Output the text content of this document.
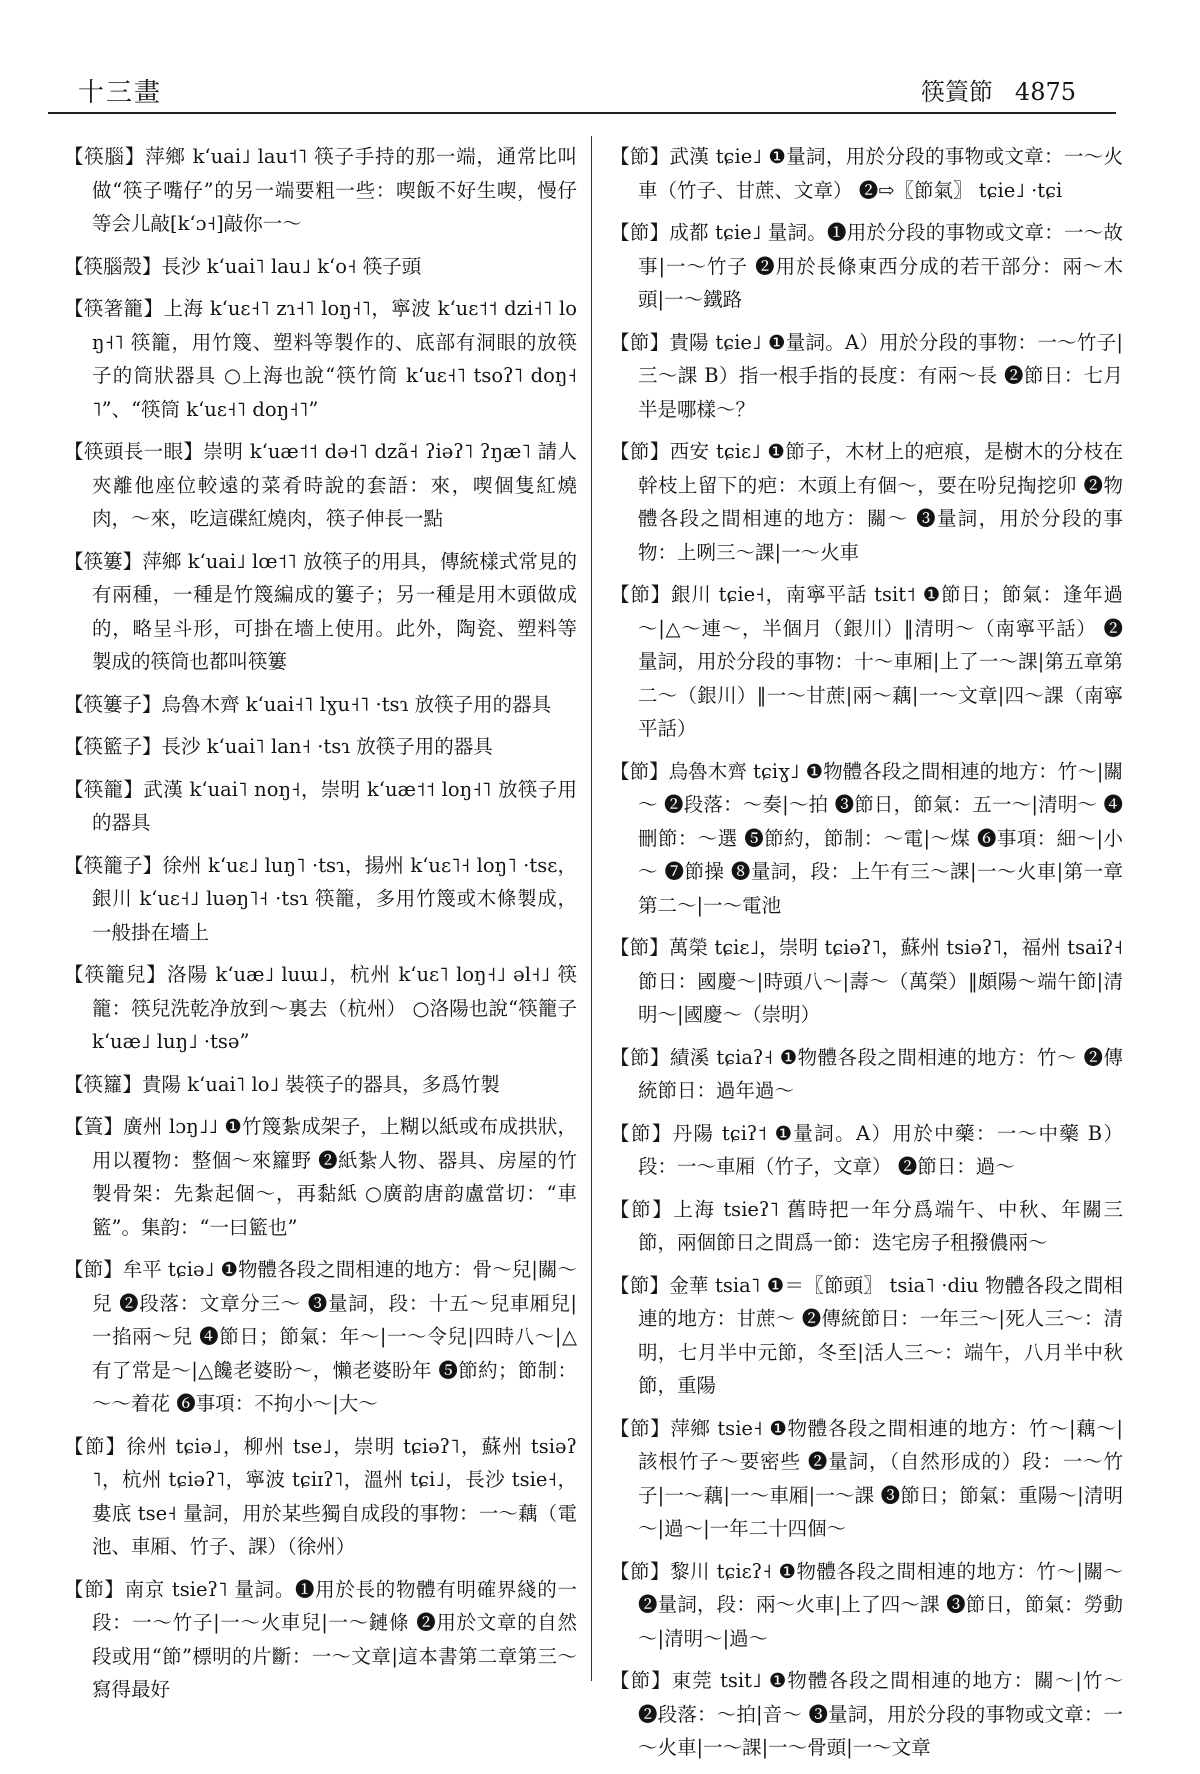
十三畫	筷篢節 4875

【 筷腦 】 萍鄉 kʻuai˩ lau˦˥ 筷子手持的那一端，通常比叫做“筷子嘴仔”的另一端要粗一些：喫飯不好生喫，慢仔等会儿敲[kʻɔ˧]敲你一～

【 筷腦殼 】 長沙 kʻuai˥ lau˩ kʻo˧ 筷子頭

【 筷箸籠 】 上海 kʻuɛ˧˥ zɿ˧˥ loŋ˧˥，寧波 kʻuɛ˦˦ dzi˧˥ loŋ˧˥ 筷籠，用竹篾、塑料等製作的、底部有洞眼的放筷子的筒狀器具 ○上海也說“筷竹筒 kʻuɛ˧˥ tsoʔ˥ doŋ˧˥”、“筷筒 kʻuɛ˧˥ doŋ˧˥”

【 筷頭長一眼 】 崇明 kʻuæ˦˦ də˧˥ dzã˧ ʔiəʔ˥ ʔŋæ˥ 請人夾離他座位較遠的菜肴時說的套語：來，喫個隻紅燒肉，～來，吃這碟紅燒肉，筷子伸長一點

【 筷簍 】 萍鄉 kʻuai˩ lœ˦˥ 放筷子的用具，傳統樣式常見的有兩種，一種是竹篾編成的簍子；另一種是用木頭做成的，略呈斗形，可掛在墻上使用。此外，陶瓷、塑料等製成的筷筒也都叫筷簍

【 筷簍子 】 烏魯木齊 kʻuai˧˥ lɣu˧˥ ·tsɿ 放筷子用的器具

【 筷籃子 】 長沙 kʻuai˥ lan˧ ·tsɿ 放筷子用的器具

【 筷籠 】 武漢 kʻuai˥ noŋ˧，崇明 kʻuæ˦˦ loŋ˧˥ 放筷子用的器具

【 筷籠子 】 徐州 kʻuɛ˩ luŋ˥ ·tsɿ，揚州 kʻuɛ˥˧ loŋ˥ ·tsɛ，銀川 kʻuɛ˧˩ luəŋ˥˧ ·tsɿ 筷籠，多用竹篾或木條製成，一般掛在墻上

【 筷籠兒 】 洛陽 kʻuæ˩ luɯ˩，杭州 kʻuɛ˥ loŋ˧˩ əl˧˩ 筷籠：筷兒洗乾净放到～裏去（杭州） ○洛陽也說“筷籠子 kʻuæ˩ luŋ˩ ·tsə”

【 筷籮 】 貴陽 kʻuai˥ lo˩ 裝筷子的器具，多爲竹製

【 篢 】 廣州 lɔŋ˩˩ ❶竹篾紮成架子，上糊以紙或布成拱狀，用以覆物：整個～來籮野 ❷紙紮人物、器具、房屋的竹製骨架：先紮起個～，再黏紙 ○廣韵唐韵盧當切：“車籃”。集韵：“一曰籃也”

【 節 】 牟平 tɕiə˩ ❶物體各段之間相連的地方：骨～兒|關～兒 ❷段落：文章分三～ ❸量詞，段：十五～兒車厢兒|一掐兩～兒 ❹節日；節氣：年～|一～令兒|四時八～|△有了常是～|△饞老婆盼～，懶老婆盼年 ❺節約；節制：～～着花 ❻事項：不拘小～|大～

【 節 】 徐州 tɕiə˩，柳州 tse˩，崇明 tɕiəʔ˥，蘇州 tsiəʔ˥，杭州 tɕiəʔ˥，寧波 tɕiɪʔ˥，溫州 tɕi˩，長沙 tsie˧，婁底 tse˧ 量詞，用於某些獨自成段的事物：一～藕（電池、車厢、竹子、課）（徐州）

【 節 】 南京 tsieʔ˥ 量詞。❶用於長的物體有明確界綫的一段：一～竹子|一～火車兒|一～鏈條 ❷用於文章的自然段或用“節”標明的片斷：一～文章|這本書第二章第三～寫得最好

【 節 】 武漢 tɕie˩ ❶量詞，用於分段的事物或文章：一～火車（竹子、甘蔗、文章） ❷⇨〖節氣〗 tɕie˩ ·tɕi

【 節 】 成都 tɕie˩ 量詞。❶用於分段的事物或文章：一～故事|一～竹子 ❷用於長條東西分成的若干部分：兩～木頭|一～鐵路

【 節 】 貴陽 tɕie˩ ❶量詞。A）用於分段的事物：一～竹子|三～課 B）指一根手指的長度：有兩～長 ❷節日：七月半是哪樣～？

【 節 】 西安 tɕiɛ˩ ❶節子，木材上的疤痕，是樹木的分枝在幹枝上留下的疤：木頭上有個～，要在吩兒掏挖卯 ❷物體各段之間相連的地方：關～ ❸量詞，用於分段的事物：上咧三～課|一～火車

【 節 】 銀川 tɕie˧，南寧平話 tsit˦ ❶節日；節氣：逢年過～|△～連～，半個月（銀川）‖清明～（南寧平話） ❷量詞，用於分段的事物：十～車厢|上了一～課|第五章第二～（銀川）‖一～甘蔗|兩～藕|一～文章|四～課（南寧平話）

【 節 】 烏魯木齊 tɕiɣ˩ ❶物體各段之間相連的地方：竹～|關～ ❷段落：～奏|～拍 ❸節日，節氣：五一～|清明～ ❹刪節：～選 ❺節約，節制：～電|～煤 ❻事項：細～|小～ ❼節操 ❽量詞，段：上午有三～課|一～火車|第一章第二～|一～電池

【 節 】 萬榮 tɕiɛ˩，崇明 tɕiəʔ˥，蘇州 tsiəʔ˥，福州 tsaiʔ˧ 節日：國慶～|時頭八～|壽～（萬榮）‖頗陽～端午節|清明～|國慶～（崇明）

【 節 】 績溪 tɕiaʔ˧ ❶物體各段之間相連的地方：竹～ ❷傳統節日：過年過～

【 節 】 丹陽 tɕiʔ˦ ❶量詞。A）用於中藥：一～中藥 B）段：一～車厢（竹子，文章） ❷節日：過～

【 節 】 上海 tsieʔ˥ 舊時把一年分爲端午、中秋、年關三節，兩個節日之間爲一節：迭宅房子租撥儂兩～

【 節 】 金華 tsia˥ ❶＝〖節頭〗 tsia˥ ·diu 物體各段之間相連的地方：甘蔗～ ❷傳統節日：一年三～|死人三～：清明，七月半中元節，冬至|活人三～：端午，八月半中秋節，重陽

【 節 】 萍鄉 tsie˧ ❶物體各段之間相連的地方：竹～|藕～|該根竹子～要密些 ❷量詞，（自然形成的）段：一～竹子|一～藕|一～車厢|一～課 ❸節日；節氣：重陽～|清明～|過～|一年二十四個～

【 節 】 黎川 tɕiɛʔ˧ ❶物體各段之間相連的地方：竹～|關～ ❷量詞，段：兩～火車|上了四～課 ❸節日，節氣：勞動～|清明～|過～

【 節 】 東莞 tsit˩ ❶物體各段之間相連的地方：關～|竹～ ❷段落：～拍|音～ ❸量詞，用於分段的事物或文章：一～火車|一～課|一～骨頭|一～文章
